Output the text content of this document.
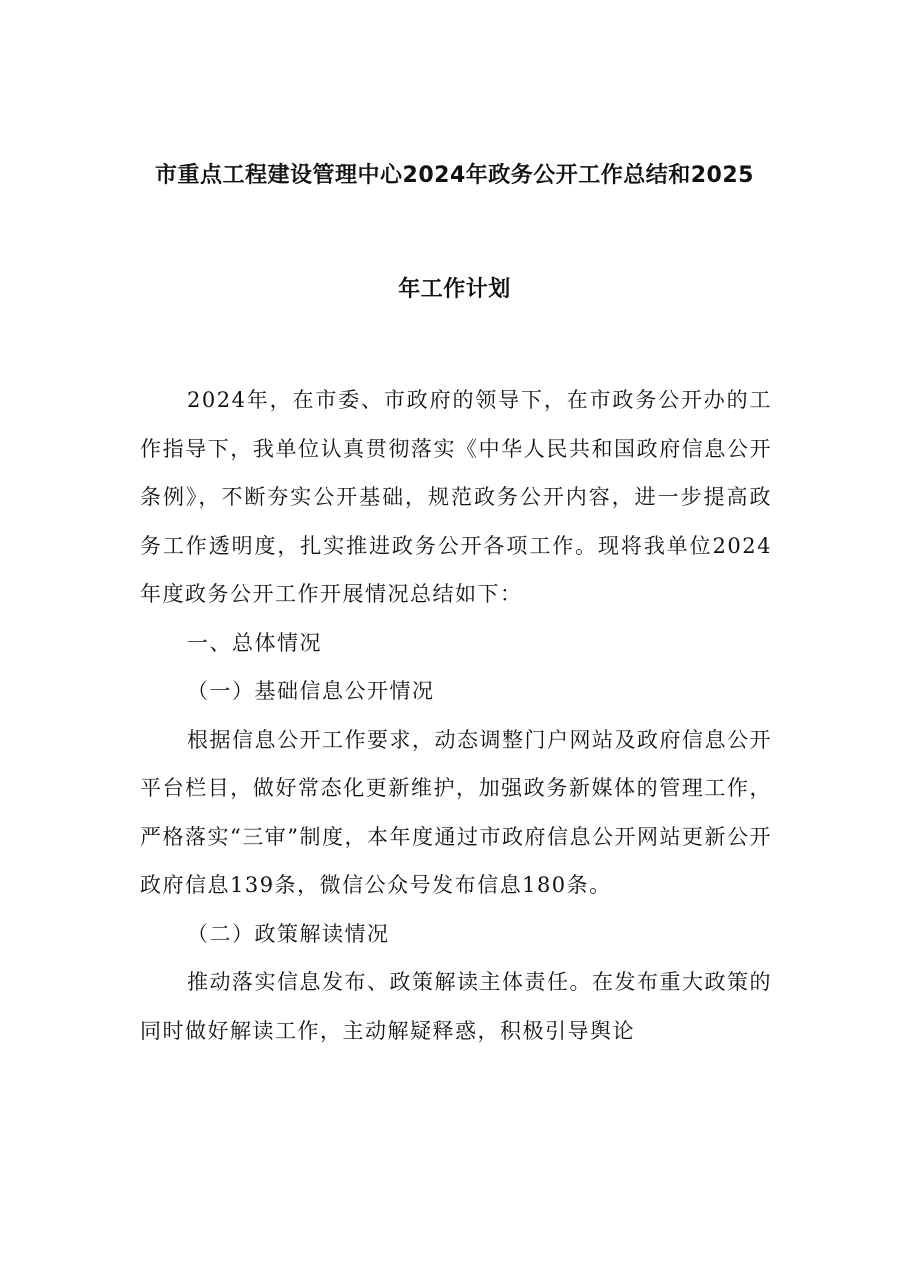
市重点工程建设管理中心2024年政务公开工作总结和2025
年工作计划

2024年，在市委、市政府的领导下，在市政务公开办的工作指导下，我单位认真贯彻落实《中华人民共和国政府信息公开条例》，不断夯实公开基础，规范政务公开内容，进一步提高政务工作透明度，扎实推进政务公开各项工作。现将我单位2024年度政务公开工作开展情况总结如下：

一、总体情况

（一）基础信息公开情况

根据信息公开工作要求，动态调整门户网站及政府信息公开平台栏目，做好常态化更新维护，加强政务新媒体的管理工作，严格落实“三审”制度，本年度通过市政府信息公开网站更新公开政府信息139条，微信公众号发布信息180条。

（二）政策解读情况

推动落实信息发布、政策解读主体责任。在发布重大政策的同时做好解读工作，主动解疑释惑，积极引导舆论
